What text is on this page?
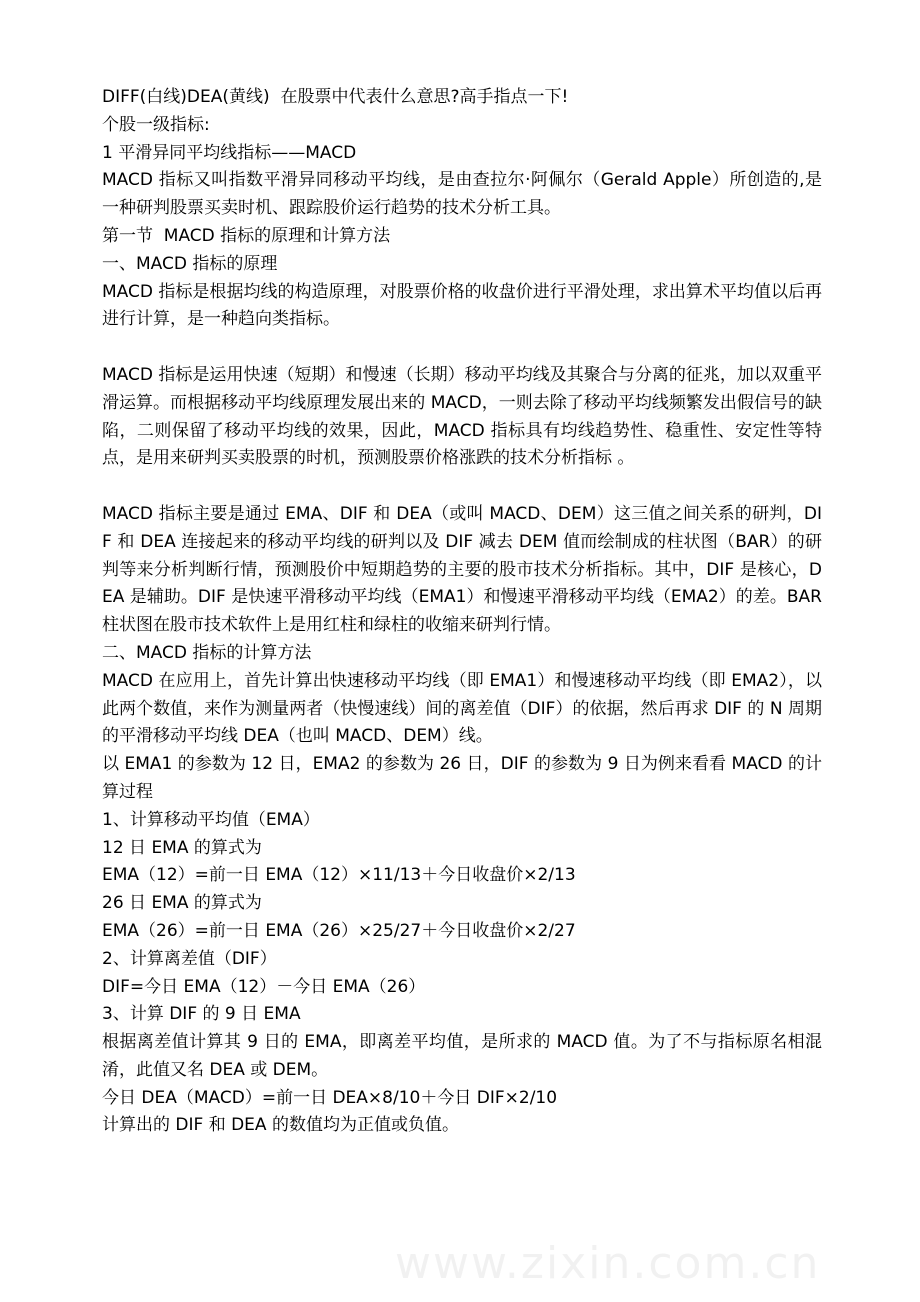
DIFF(白线)DEA(黄线)  在股票中代表什么意思?高手指点一下!

个股一级指标:

1 平滑异同平均线指标——MACD

MACD 指标又叫指数平滑异同移动平均线，是由查拉尔·阿佩尔（Gerald Apple）所创造的,是一种研判股票买卖时机、跟踪股价运行趋势的技术分析工具。

第一节  MACD 指标的原理和计算方法

一、MACD 指标的原理

MACD 指标是根据均线的构造原理，对股票价格的收盘价进行平滑处理，求出算术平均值以后再进行计算，是一种趋向类指标。

MACD 指标是运用快速（短期）和慢速（长期）移动平均线及其聚合与分离的征兆，加以双重平滑运算。而根据移动平均线原理发展出来的 MACD，一则去除了移动平均线频繁发出假信号的缺陷，二则保留了移动平均线的效果，因此，MACD 指标具有均线趋势性、稳重性、安定性等特点，是用来研判买卖股票的时机，预测股票价格涨跌的技术分析指标 。

MACD 指标主要是通过 EMA、DIF 和 DEA（或叫 MACD、DEM）这三值之间关系的研判，DIF 和 DEA 连接起来的移动平均线的研判以及 DIF 减去 DEM 值而绘制成的柱状图（BAR）的研判等来分析判断行情，预测股价中短期趋势的主要的股市技术分析指标。其中，DIF 是核心，DEA 是辅助。DIF 是快速平滑移动平均线（EMA1）和慢速平滑移动平均线（EMA2）的差。BAR 柱状图在股市技术软件上是用红柱和绿柱的收缩来研判行情。

二、MACD 指标的计算方法

MACD 在应用上，首先计算出快速移动平均线（即 EMA1）和慢速移动平均线（即 EMA2），以此两个数值，来作为测量两者（快慢速线）间的离差值（DIF）的依据，然后再求 DIF 的 N 周期的平滑移动平均线 DEA（也叫 MACD、DEM）线。

以 EMA1 的参数为 12 日，EMA2 的参数为 26 日，DIF 的参数为 9 日为例来看看 MACD 的计算过程

1、计算移动平均值（EMA）

12 日 EMA 的算式为

EMA（12）=前一日 EMA（12）×11/13＋今日收盘价×2/13

26 日 EMA 的算式为

EMA（26）=前一日 EMA（26）×25/27＋今日收盘价×2/27

2、计算离差值（DIF）

DIF=今日 EMA（12）－今日 EMA（26）

3、计算 DIF 的 9 日 EMA

根据离差值计算其 9 日的 EMA，即离差平均值，是所求的 MACD 值。为了不与指标原名相混淆，此值又名 DEA 或 DEM。

今日 DEA（MACD）=前一日 DEA×8/10＋今日 DIF×2/10

计算出的 DIF 和 DEA 的数值均为正值或负值。

www.zixin.com.cn
